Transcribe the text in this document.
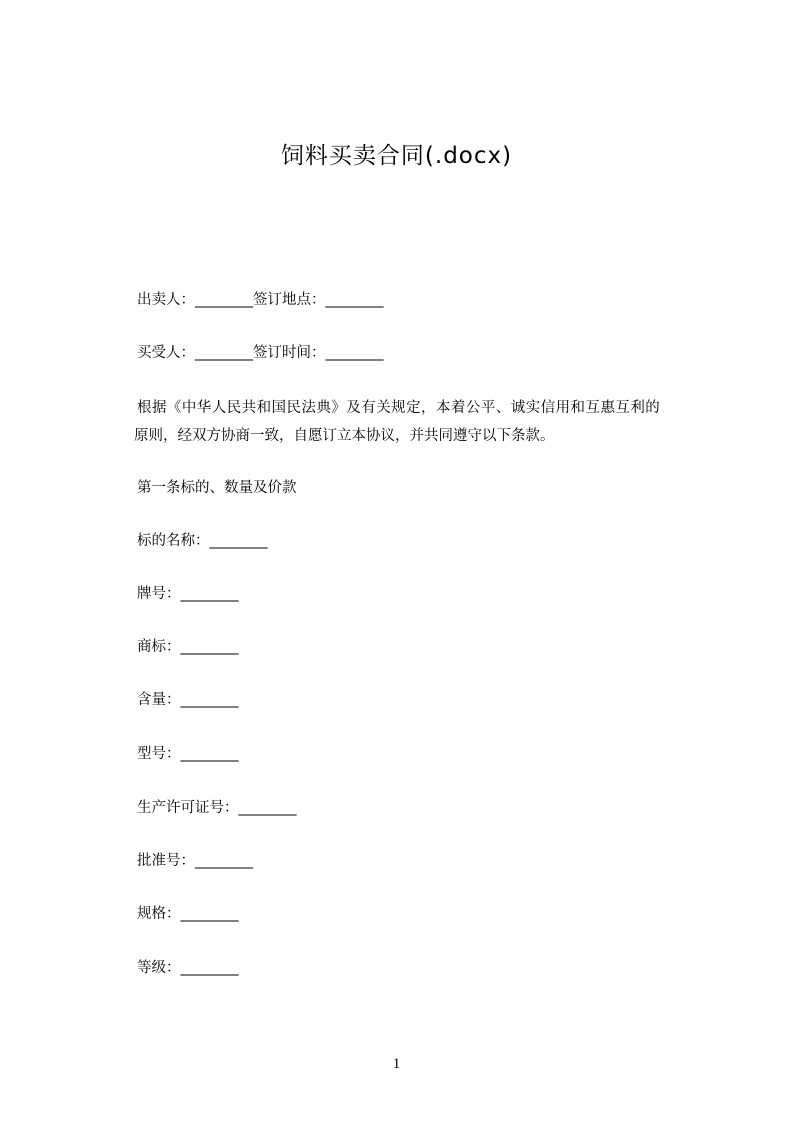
饲料买卖合同(.docx)

出卖人：________签订地点：________

买受人：________签订时间：________

根据《中华人民共和国民法典》及有关规定，本着公平、诚实信用和互惠互利的
原则，经双方协商一致，自愿订立本协议，并共同遵守以下条款。

第一条标的、数量及价款

标的名称：________

牌号：________

商标：________

含量：________

型号：________

生产许可证号：________

批准号：________

规格：________

等级：________

1
